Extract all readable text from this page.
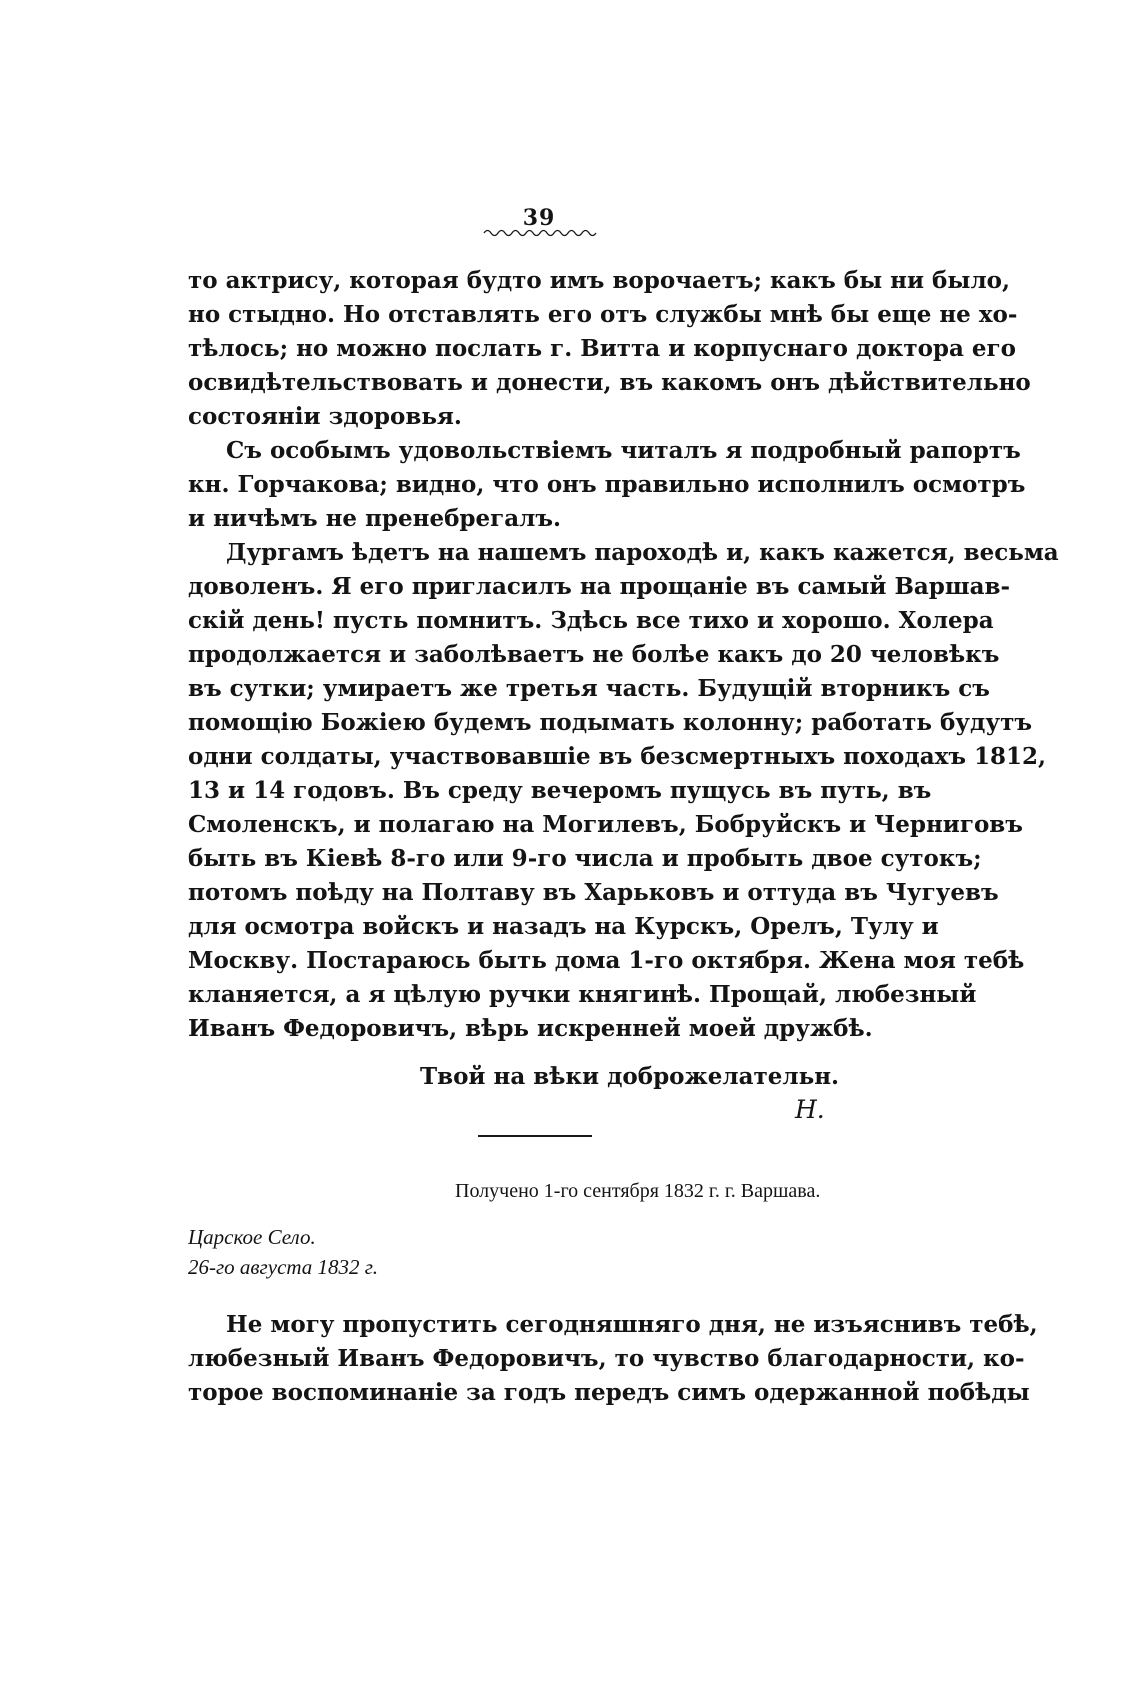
39
то актрису, которая будто имъ ворочаетъ; какъ бы ни было,
но стыдно. Но отставлять его отъ службы мнѣ бы еще не хо-
тѣлось; но можно послать г. Витта и корпуснаго доктора его
освидѣтельствовать и донести, въ какомъ онъ дѣйствительно
состояніи здоровья.
Съ особымъ удовольствіемъ читалъ я подробный рапортъ
кн. Горчакова; видно, что онъ правильно исполнилъ осмотръ
и ничѣмъ не пренебрегалъ.
Дургамъ ѣдетъ на нашемъ пароходѣ и, какъ кажется, весьма
доволенъ. Я его пригласилъ на прощаніе въ самый Варшав-
скій день! пусть помнитъ. Здѣсь все тихо и хорошо. Холера
продолжается и заболѣваетъ не болѣе какъ до 20 человѣкъ
въ сутки; умираетъ же третья часть. Будущій вторникъ съ
помощію Божіею будемъ подымать колонну; работать будутъ
одни солдаты, участвовавшіе въ безсмертныхъ походахъ 1812,
13 и 14 годовъ. Въ среду вечеромъ пущусь въ путь, въ
Смоленскъ, и полагаю на Могилевъ, Бобруйскъ и Черниговъ
быть въ Кіевѣ 8-го или 9-го числа и пробыть двое сутокъ;
потомъ поѣду на Полтаву въ Харьковъ и оттуда въ Чугуевъ
для осмотра войскъ и назадъ на Курскъ, Орелъ, Тулу и
Москву. Постараюсь быть дома 1-го октября. Жена моя тебѣ
кланяется, а я цѣлую ручки княгинѣ. Прощай, любезный
Иванъ Федоровичъ, вѣрь искренней моей дружбѣ.
Твой на вѣки доброжелательн.
Н.
Получено 1-го сентября 1832 г. г. Варшава.
Царское Село.
26-го августа 1832 г.
Не могу пропустить сегодняшняго дня, не изъяснивъ тебѣ,
любезный Иванъ Федоровичъ, то чувство благодарности, ко-
торое воспоминаніе за годъ передъ симъ одержанной побѣды
